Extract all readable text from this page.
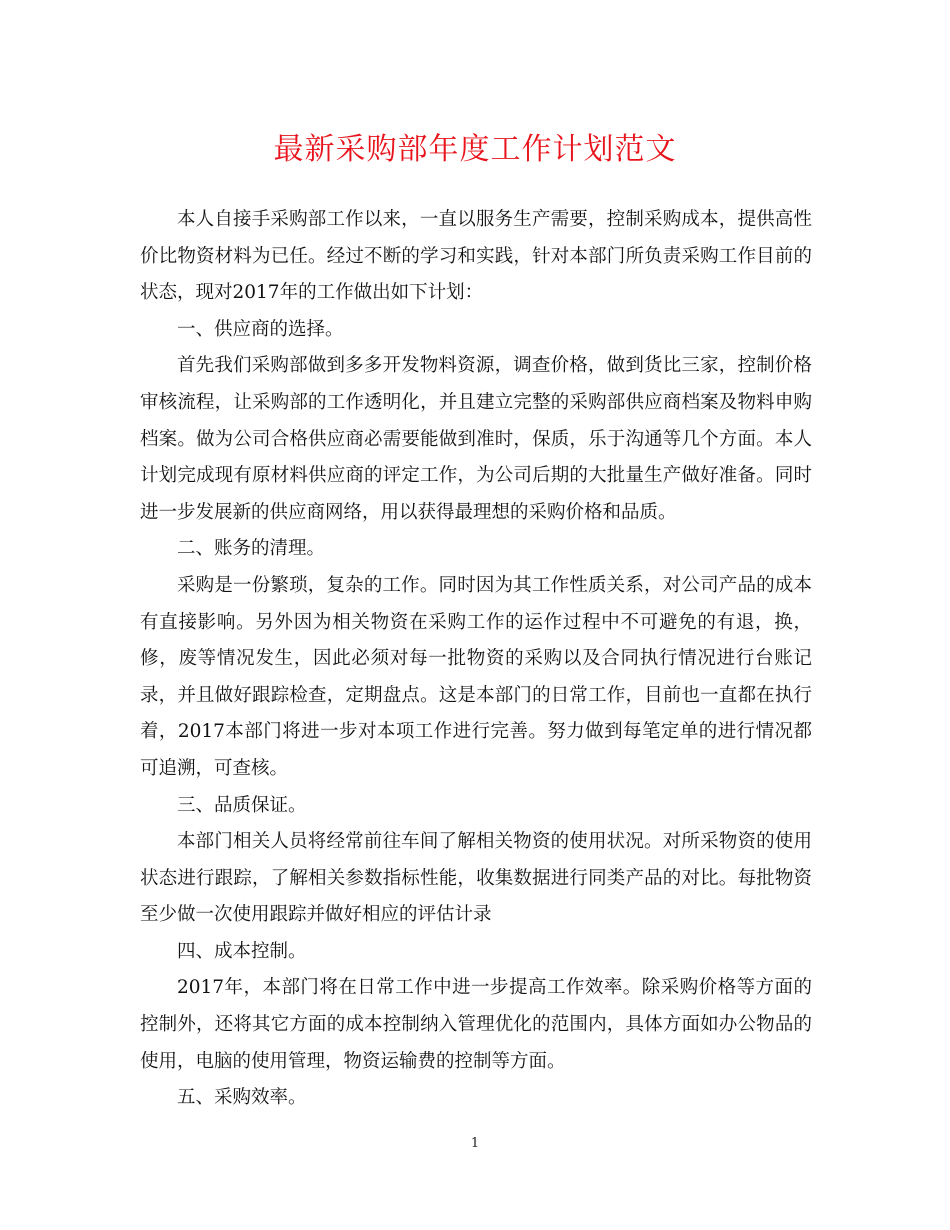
最新采购部年度工作计划范文

本人自接手采购部工作以来，一直以服务生产需要，控制采购成本，提供高性价比物资材料为已任。经过不断的学习和实践，针对本部门所负责采购工作目前的状态，现对2017年的工作做出如下计划：

一、供应商的选择。

首先我们采购部做到多多开发物料资源，调查价格，做到货比三家，控制价格审核流程，让采购部的工作透明化，并且建立完整的采购部供应商档案及物料申购档案。做为公司合格供应商必需要能做到准时，保质，乐于沟通等几个方面。本人计划完成现有原材料供应商的评定工作，为公司后期的大批量生产做好准备。同时进一步发展新的供应商网络，用以获得最理想的采购价格和品质。

二、账务的清理。

采购是一份繁琐，复杂的工作。同时因为其工作性质关系，对公司产品的成本有直接影响。另外因为相关物资在采购工作的运作过程中不可避免的有退，换，修，废等情况发生，因此必须对每一批物资的采购以及合同执行情况进行台账记录，并且做好跟踪检查，定期盘点。这是本部门的日常工作，目前也一直都在执行着，2017本部门将进一步对本项工作进行完善。努力做到每笔定单的进行情况都可追溯，可查核。

三、品质保证。

本部门相关人员将经常前往车间了解相关物资的使用状况。对所采物资的使用状态进行跟踪，了解相关参数指标性能，收集数据进行同类产品的对比。每批物资至少做一次使用跟踪并做好相应的评估计录

四、成本控制。

2017年，本部门将在日常工作中进一步提高工作效率。除采购价格等方面的控制外，还将其它方面的成本控制纳入管理优化的范围内，具体方面如办公物品的使用，电脑的使用管理，物资运输费的控制等方面。

五、采购效率。

1
